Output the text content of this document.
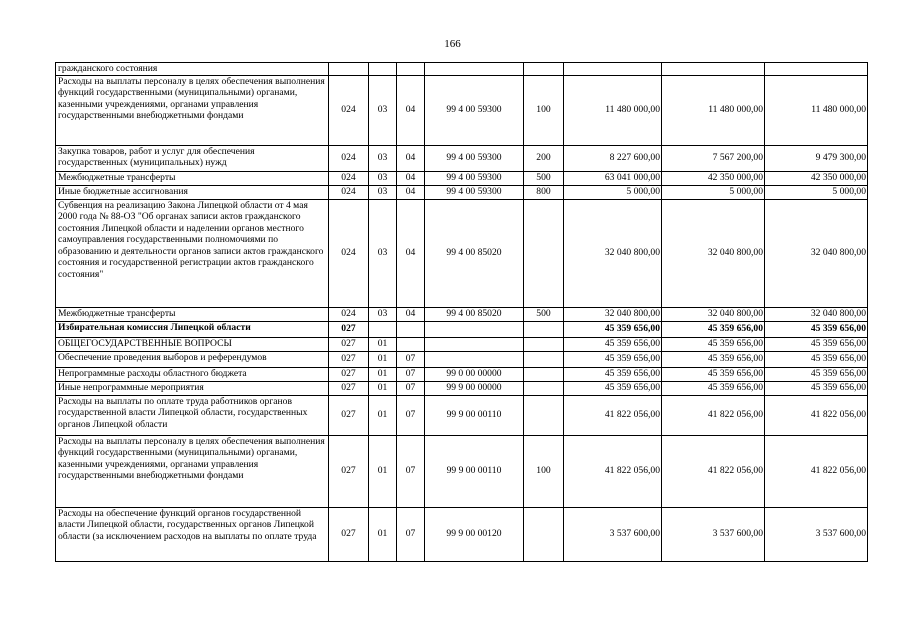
166
гражданского состояния								
Расходы на выплаты персоналу в целях обеспечения выполнения функций государственными (муниципальными) органами, казенными учреждениями, органами управления государственными внебюджетными фондами	024	03	04	99 4 00 59300	100	11 480 000,00	11 480 000,00	11 480 000,00
Закупка товаров, работ и услуг для обеспечения государственных (муниципальных) нужд	024	03	04	99 4 00 59300	200	8 227 600,00	7 567 200,00	9 479 300,00
Межбюджетные трансферты	024	03	04	99 4 00 59300	500	63 041 000,00	42 350 000,00	42 350 000,00
Иные бюджетные ассигнования	024	03	04	99 4 00 59300	800	5 000,00	5 000,00	5 000,00
Субвенция на реализацию Закона Липецкой области от 4 мая 2000 года № 88-ОЗ "Об органах записи актов гражданского состояния Липецкой области и наделении органов местного самоуправления государственными полномочиями по образованию и деятельности органов записи актов гражданского состояния и государственной регистрации актов гражданского состояния"	024	03	04	99 4 00 85020		32 040 800,00	32 040 800,00	32 040 800,00
Межбюджетные трансферты	024	03	04	99 4 00 85020	500	32 040 800,00	32 040 800,00	32 040 800,00
Избирательная комиссия Липецкой области	027					45 359 656,00	45 359 656,00	45 359 656,00
ОБЩЕГОСУДАРСТВЕННЫЕ ВОПРОСЫ	027	01				45 359 656,00	45 359 656,00	45 359 656,00
Обеспечение проведения выборов и референдумов	027	01	07			45 359 656,00	45 359 656,00	45 359 656,00
Непрограммные расходы областного бюджета	027	01	07	99 0 00 00000		45 359 656,00	45 359 656,00	45 359 656,00
Иные непрограммные мероприятия	027	01	07	99 9 00 00000		45 359 656,00	45 359 656,00	45 359 656,00
Расходы на выплаты по оплате труда работников органов государственной власти Липецкой области, государственных органов Липецкой области	027	01	07	99 9 00 00110		41 822 056,00	41 822 056,00	41 822 056,00
Расходы на выплаты персоналу в целях обеспечения выполнения функций государственными (муниципальными) органами, казенными учреждениями, органами управления государственными внебюджетными фондами	027	01	07	99 9 00 00110	100	41 822 056,00	41 822 056,00	41 822 056,00
Расходы на обеспечение функций органов государственной власти Липецкой области, государственных органов Липецкой области (за исключением расходов на выплаты по оплате труда	027	01	07	99 9 00 00120		3 537 600,00	3 537 600,00	3 537 600,00
